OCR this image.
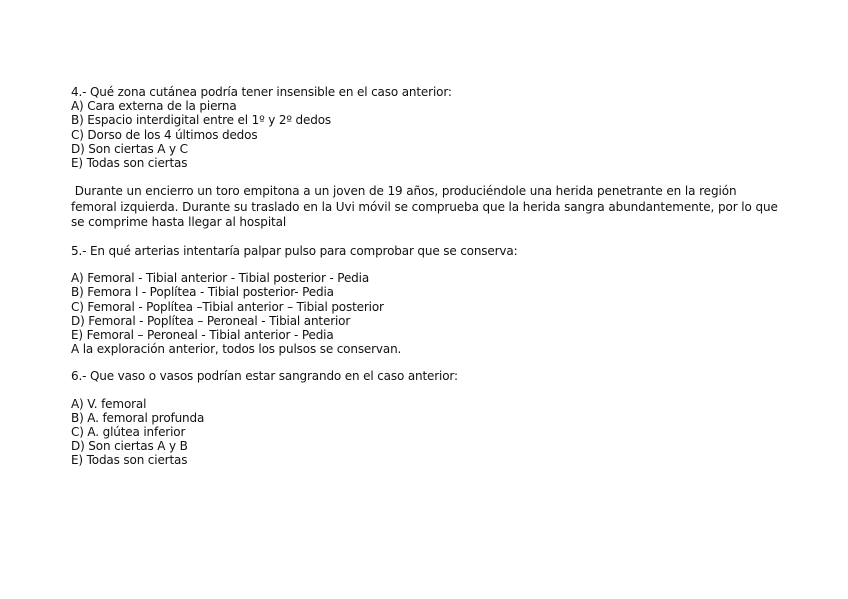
4.- Qué zona cutánea podría tener insensible en el caso anterior:
A) Cara externa de la pierna
B) Espacio interdigital entre el 1º y 2º dedos
C) Dorso de los 4 últimos dedos
D) Son ciertas A y C
E) Todas son ciertas
Durante un encierro un toro empitona a un joven de 19 años, produciéndole una herida penetrante en la región femoral izquierda. Durante su traslado en la Uvi móvil se comprueba que la herida sangra abundantemente, por lo que se comprime hasta llegar al hospital
5.- En qué arterias intentaría palpar pulso para comprobar que se conserva:
A) Femoral - Tibial anterior - Tibial posterior - Pedia
B) Femora l - Poplítea - Tibial posterior- Pedia
C) Femoral - Poplítea –Tibial anterior – Tibial posterior
D) Femoral - Poplítea – Peroneal - Tibial anterior
E) Femoral – Peroneal - Tibial anterior - Pedia
A la exploración anterior, todos los pulsos se conservan.
6.- Que vaso o vasos podrían estar sangrando en el caso anterior:
A) V. femoral
B) A. femoral profunda
C) A. glútea inferior
D) Son ciertas A y B
E) Todas son ciertas
